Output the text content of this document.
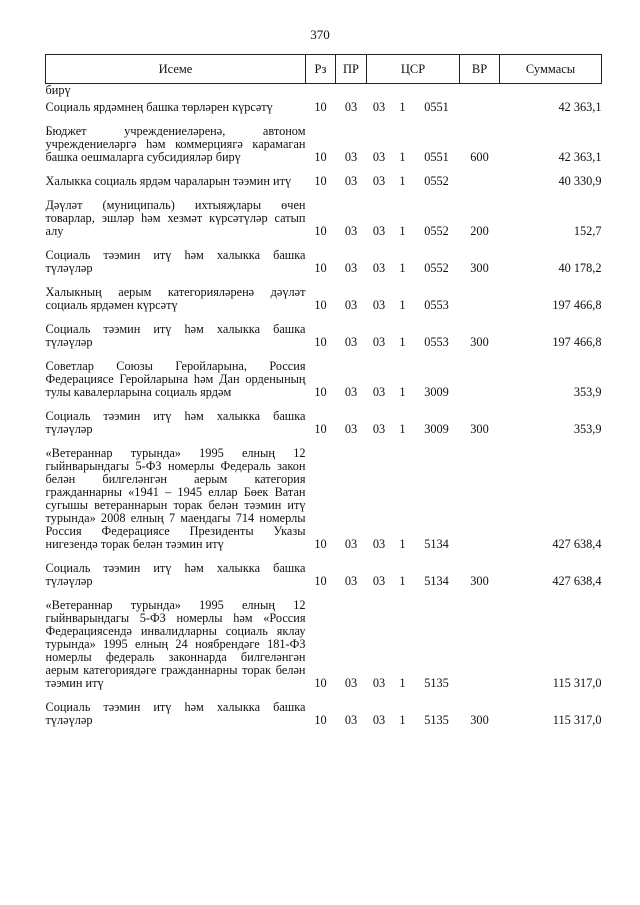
370
Исеме	Рз	ПР	ЦСР			ВР	Суммасы
бирү							
Социаль ярдәмнең башка төрләрен күрсәтү	10	03	03	1	0551		42 363,1
Бюджет учреждениеләренә, автоном учреждениеләргә һәм коммерциягә карамаган башка оешмаларга субсидияләр бирү	10	03	03	1	0551	600	42 363,1
Халыкка социаль ярдәм чараларын тәэмин итү	10	03	03	1	0552		40 330,9
Дәүләт (муниципаль) ихтыяҗлары өчен товарлар, эшләр һәм хезмәт күрсәтүләр сатып алу	10	03	03	1	0552	200	152,7
Социаль тәэмин итү һәм халыкка башка түләүләр	10	03	03	1	0552	300	40 178,2
Халыкның аерым категорияләренә дәүләт социаль ярдәмен күрсәтү	10	03	03	1	0553		197 466,8
Социаль тәэмин итү һәм халыкка башка түләүләр	10	03	03	1	0553	300	197 466,8
Советлар Союзы Геройларына, Россия Федерациясе Геройларына һәм Дан орденының тулы кавалерларына социаль ярдәм	10	03	03	1	3009		353,9
Социаль тәэмин итү һәм халыкка башка түләүләр	10	03	03	1	3009	300	353,9
«Ветераннар турында» 1995 елның 12 гыйнварындагы 5-ФЗ номерлы Федераль закон белән билгеләнгән аерым категория гражданнарны «1941 – 1945 еллар Бөек Ватан сугышы ветераннарын торак белән тәэмин итү турында» 2008 елның 7 маендагы 714 номерлы Россия Федерациясе Президенты Указы нигезендә торак белән тәэмин итү	10	03	03	1	5134		427 638,4
Социаль тәэмин итү һәм халыкка башка түләүләр	10	03	03	1	5134	300	427 638,4
«Ветераннар турында» 1995 елның 12 гыйнварындагы 5-ФЗ номерлы һәм «Россия Федерациясендә инвалидларны социаль яклау турында» 1995 елның 24 ноябрендәге 181-ФЗ номерлы федераль законнарда билгеләнгән аерым категориядәге гражданнарны торак белән тәэмин итү	10	03	03	1	5135		115 317,0
Социаль тәэмин итү һәм халыкка башка түләүләр	10	03	03	1	5135	300	115 317,0
